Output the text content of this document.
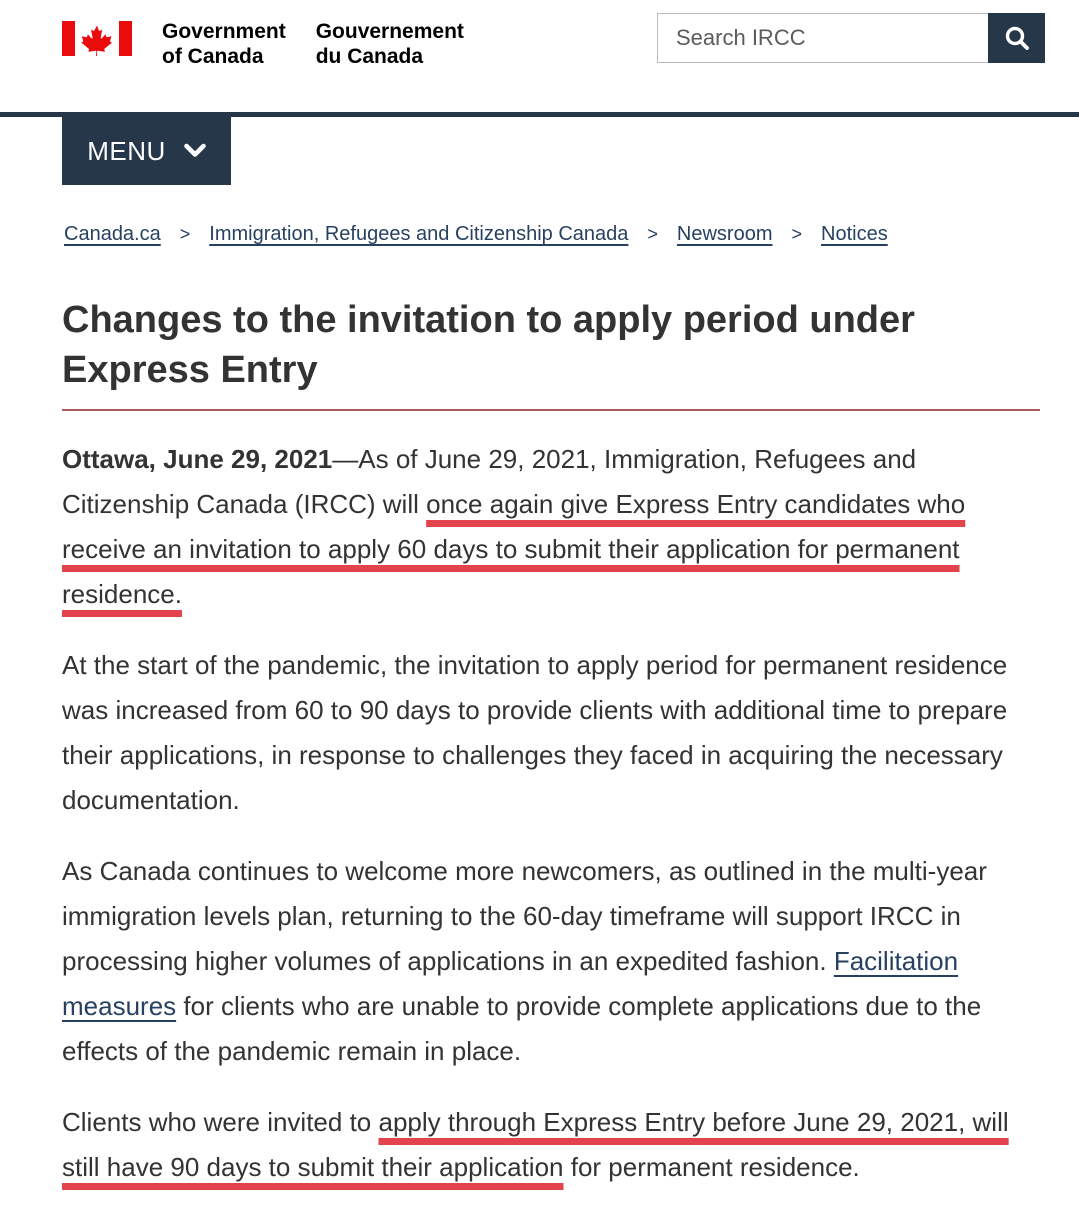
Government
of Canada
Gouvernement
du Canada
Search IRCC
MENU
Canada.ca > Immigration, Refugees and Citizenship Canada > Newsroom > Notices
Changes to the invitation to apply period under Express Entry

Ottawa, June 29, 2021—As of June 29, 2021, Immigration, Refugees and Citizenship Canada (IRCC) will once again give Express Entry candidates who receive an invitation to apply 60 days to submit their application for permanent residence.

At the start of the pandemic, the invitation to apply period for permanent residence was increased from 60 to 90 days to provide clients with additional time to prepare their applications, in response to challenges they faced in acquiring the necessary documentation.

As Canada continues to welcome more newcomers, as outlined in the multi-year immigration levels plan, returning to the 60-day timeframe will support IRCC in processing higher volumes of applications in an expedited fashion. Facilitation measures for clients who are unable to provide complete applications due to the effects of the pandemic remain in place.

Clients who were invited to apply through Express Entry before June 29, 2021, will still have 90 days to submit their application for permanent residence.
